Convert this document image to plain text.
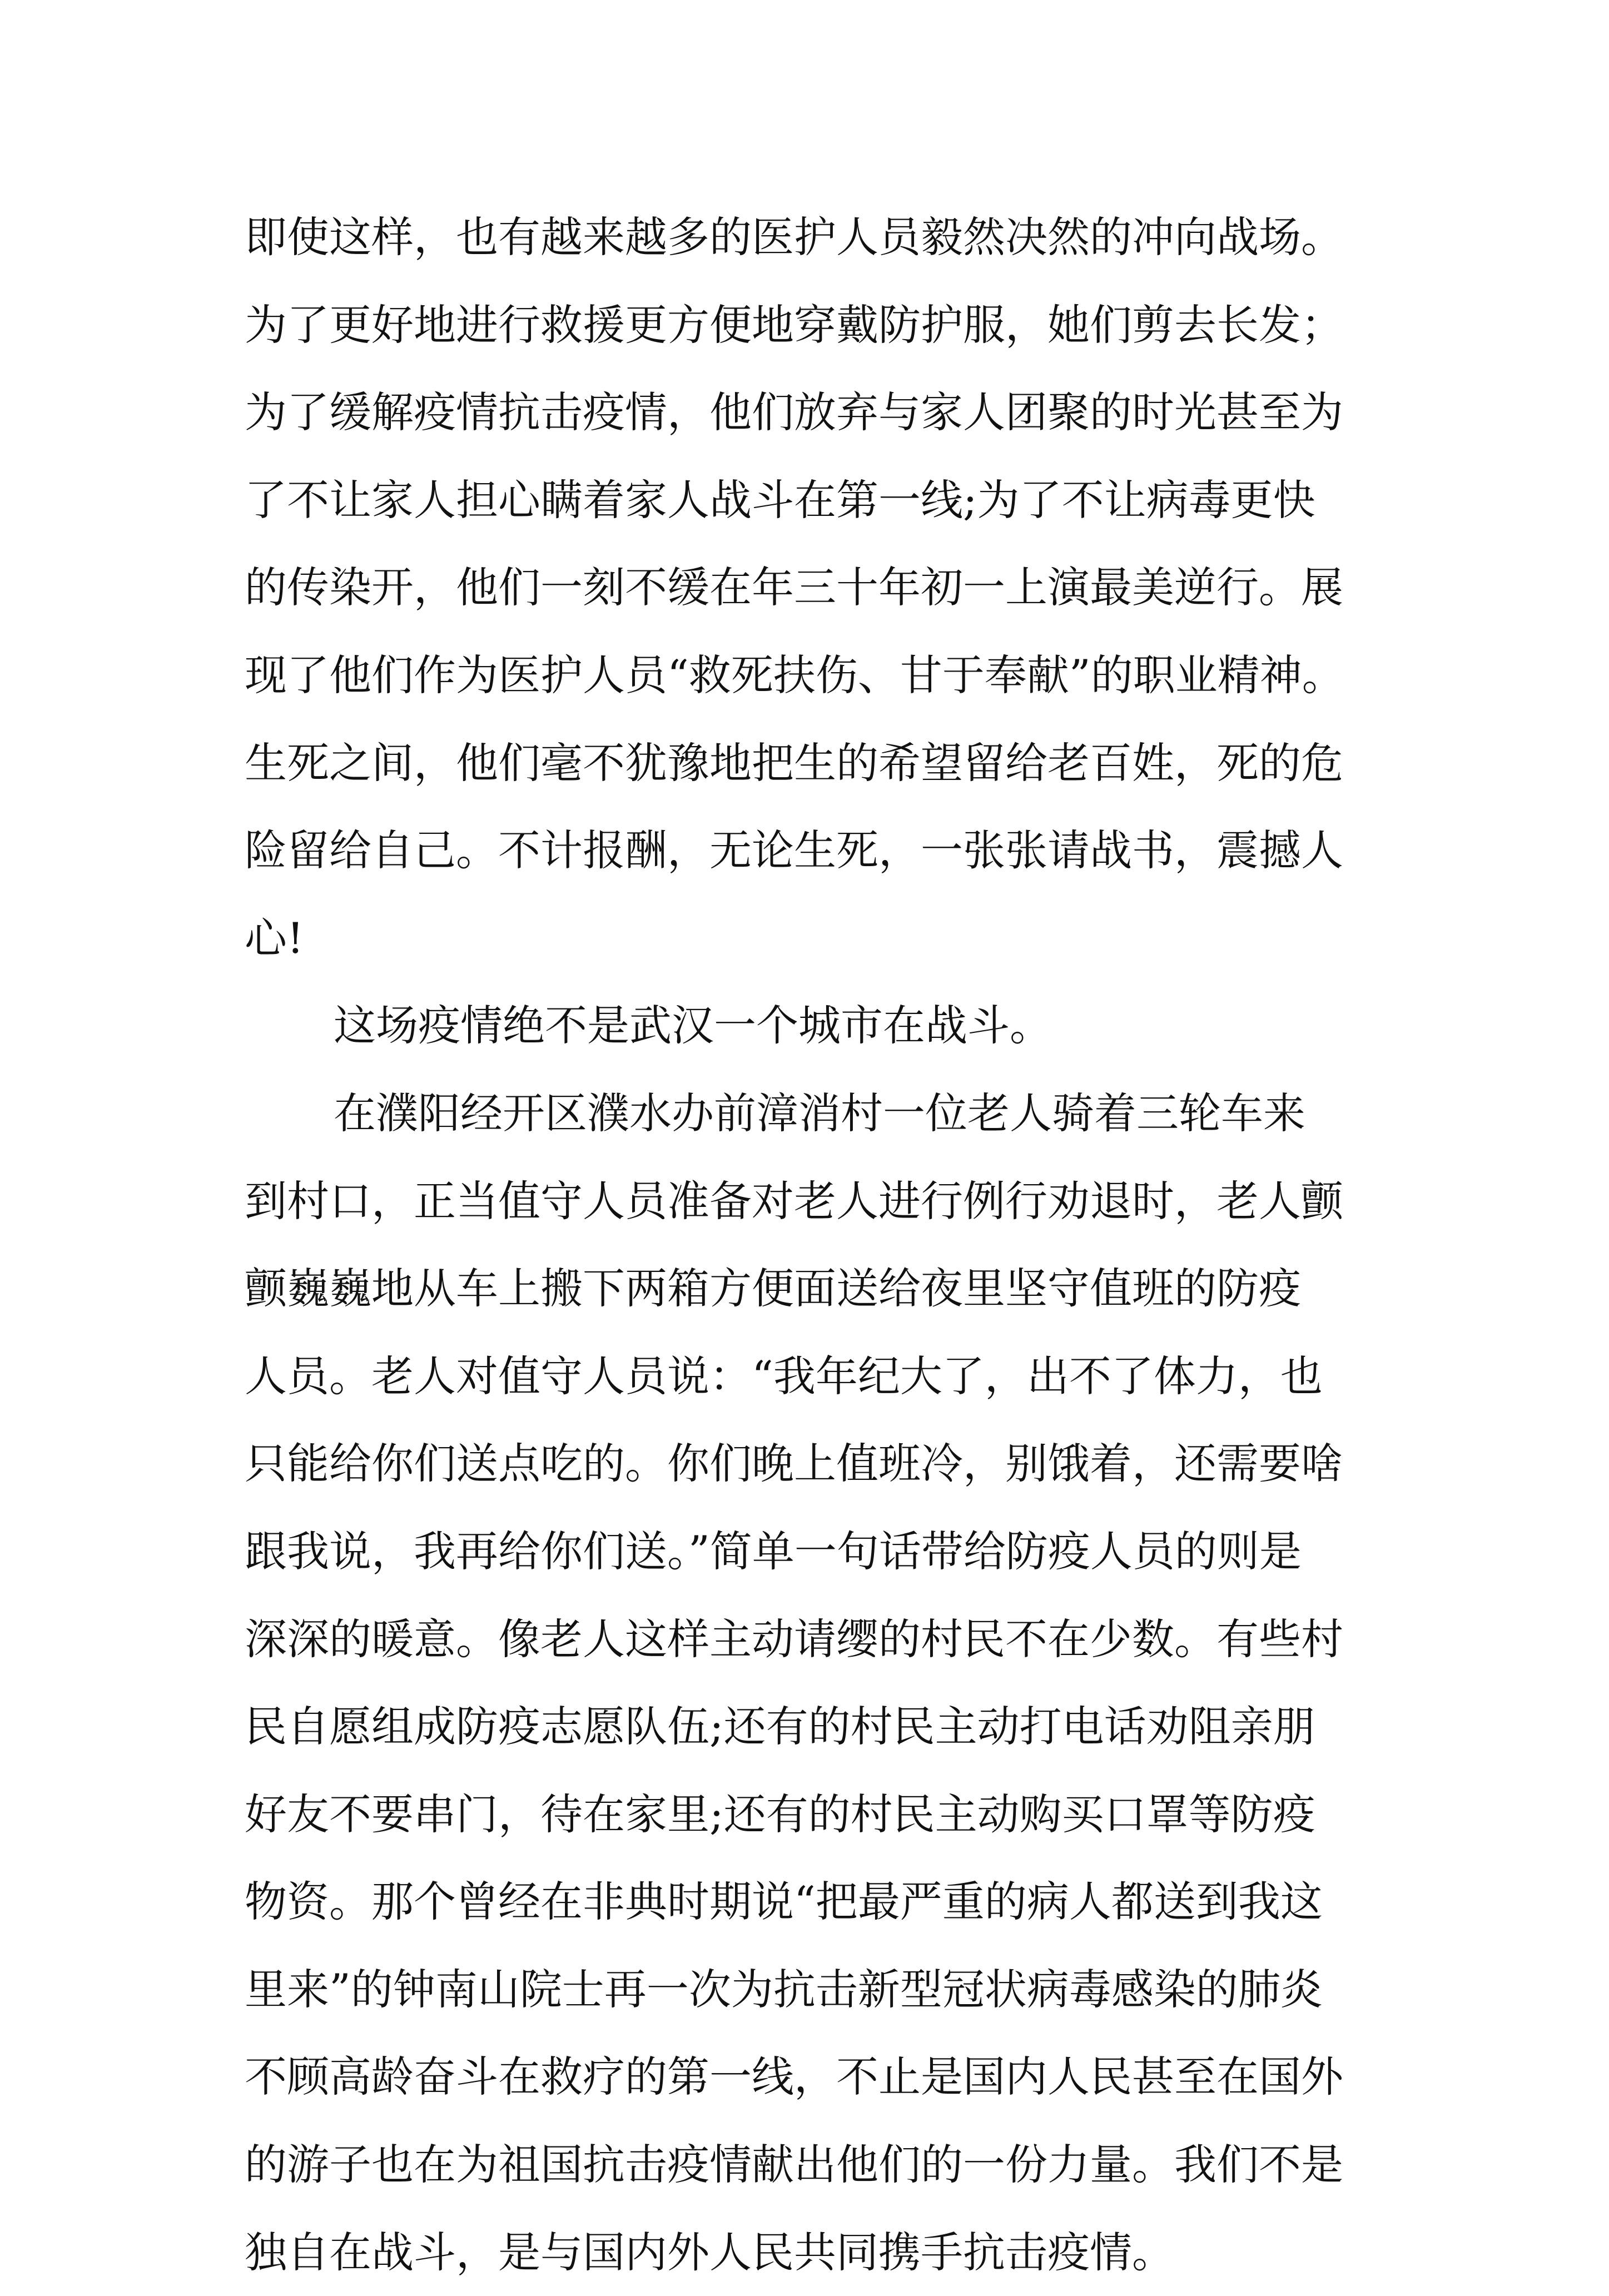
即使这样，也有越来越多的医护人员毅然决然的冲向战场。
为了更好地进行救援更方便地穿戴防护服，她们剪去长发；
为了缓解疫情抗击疫情，他们放弃与家人团聚的时光甚至为
了不让家人担心瞒着家人战斗在第一线;为了不让病毒更快
的传染开，他们一刻不缓在年三十年初一上演最美逆行。展
现了他们作为医护人员“救死扶伤、甘于奉献”的职业精神。
生死之间，他们毫不犹豫地把生的希望留给老百姓，死的危
险留给自己。不计报酬，无论生死，一张张请战书，震撼人
心!
这场疫情绝不是武汉一个城市在战斗。
在濮阳经开区濮水办前漳消村一位老人骑着三轮车来
到村口，正当值守人员准备对老人进行例行劝退时，老人颤
颤巍巍地从车上搬下两箱方便面送给夜里坚守值班的防疫
人员。老人对值守人员说：“我年纪大了，出不了体力，也
只能给你们送点吃的。你们晚上值班冷，别饿着，还需要啥
跟我说，我再给你们送。”简单一句话带给防疫人员的则是
深深的暖意。像老人这样主动请缨的村民不在少数。有些村
民自愿组成防疫志愿队伍;还有的村民主动打电话劝阻亲朋
好友不要串门，待在家里;还有的村民主动购买口罩等防疫
物资。那个曾经在非典时期说“把最严重的病人都送到我这
里来”的钟南山院士再一次为抗击新型冠状病毒感染的肺炎
不顾高龄奋斗在救疗的第一线，不止是国内人民甚至在国外
的游子也在为祖国抗击疫情献出他们的一份力量。我们不是
独自在战斗，是与国内外人民共同携手抗击疫情。
